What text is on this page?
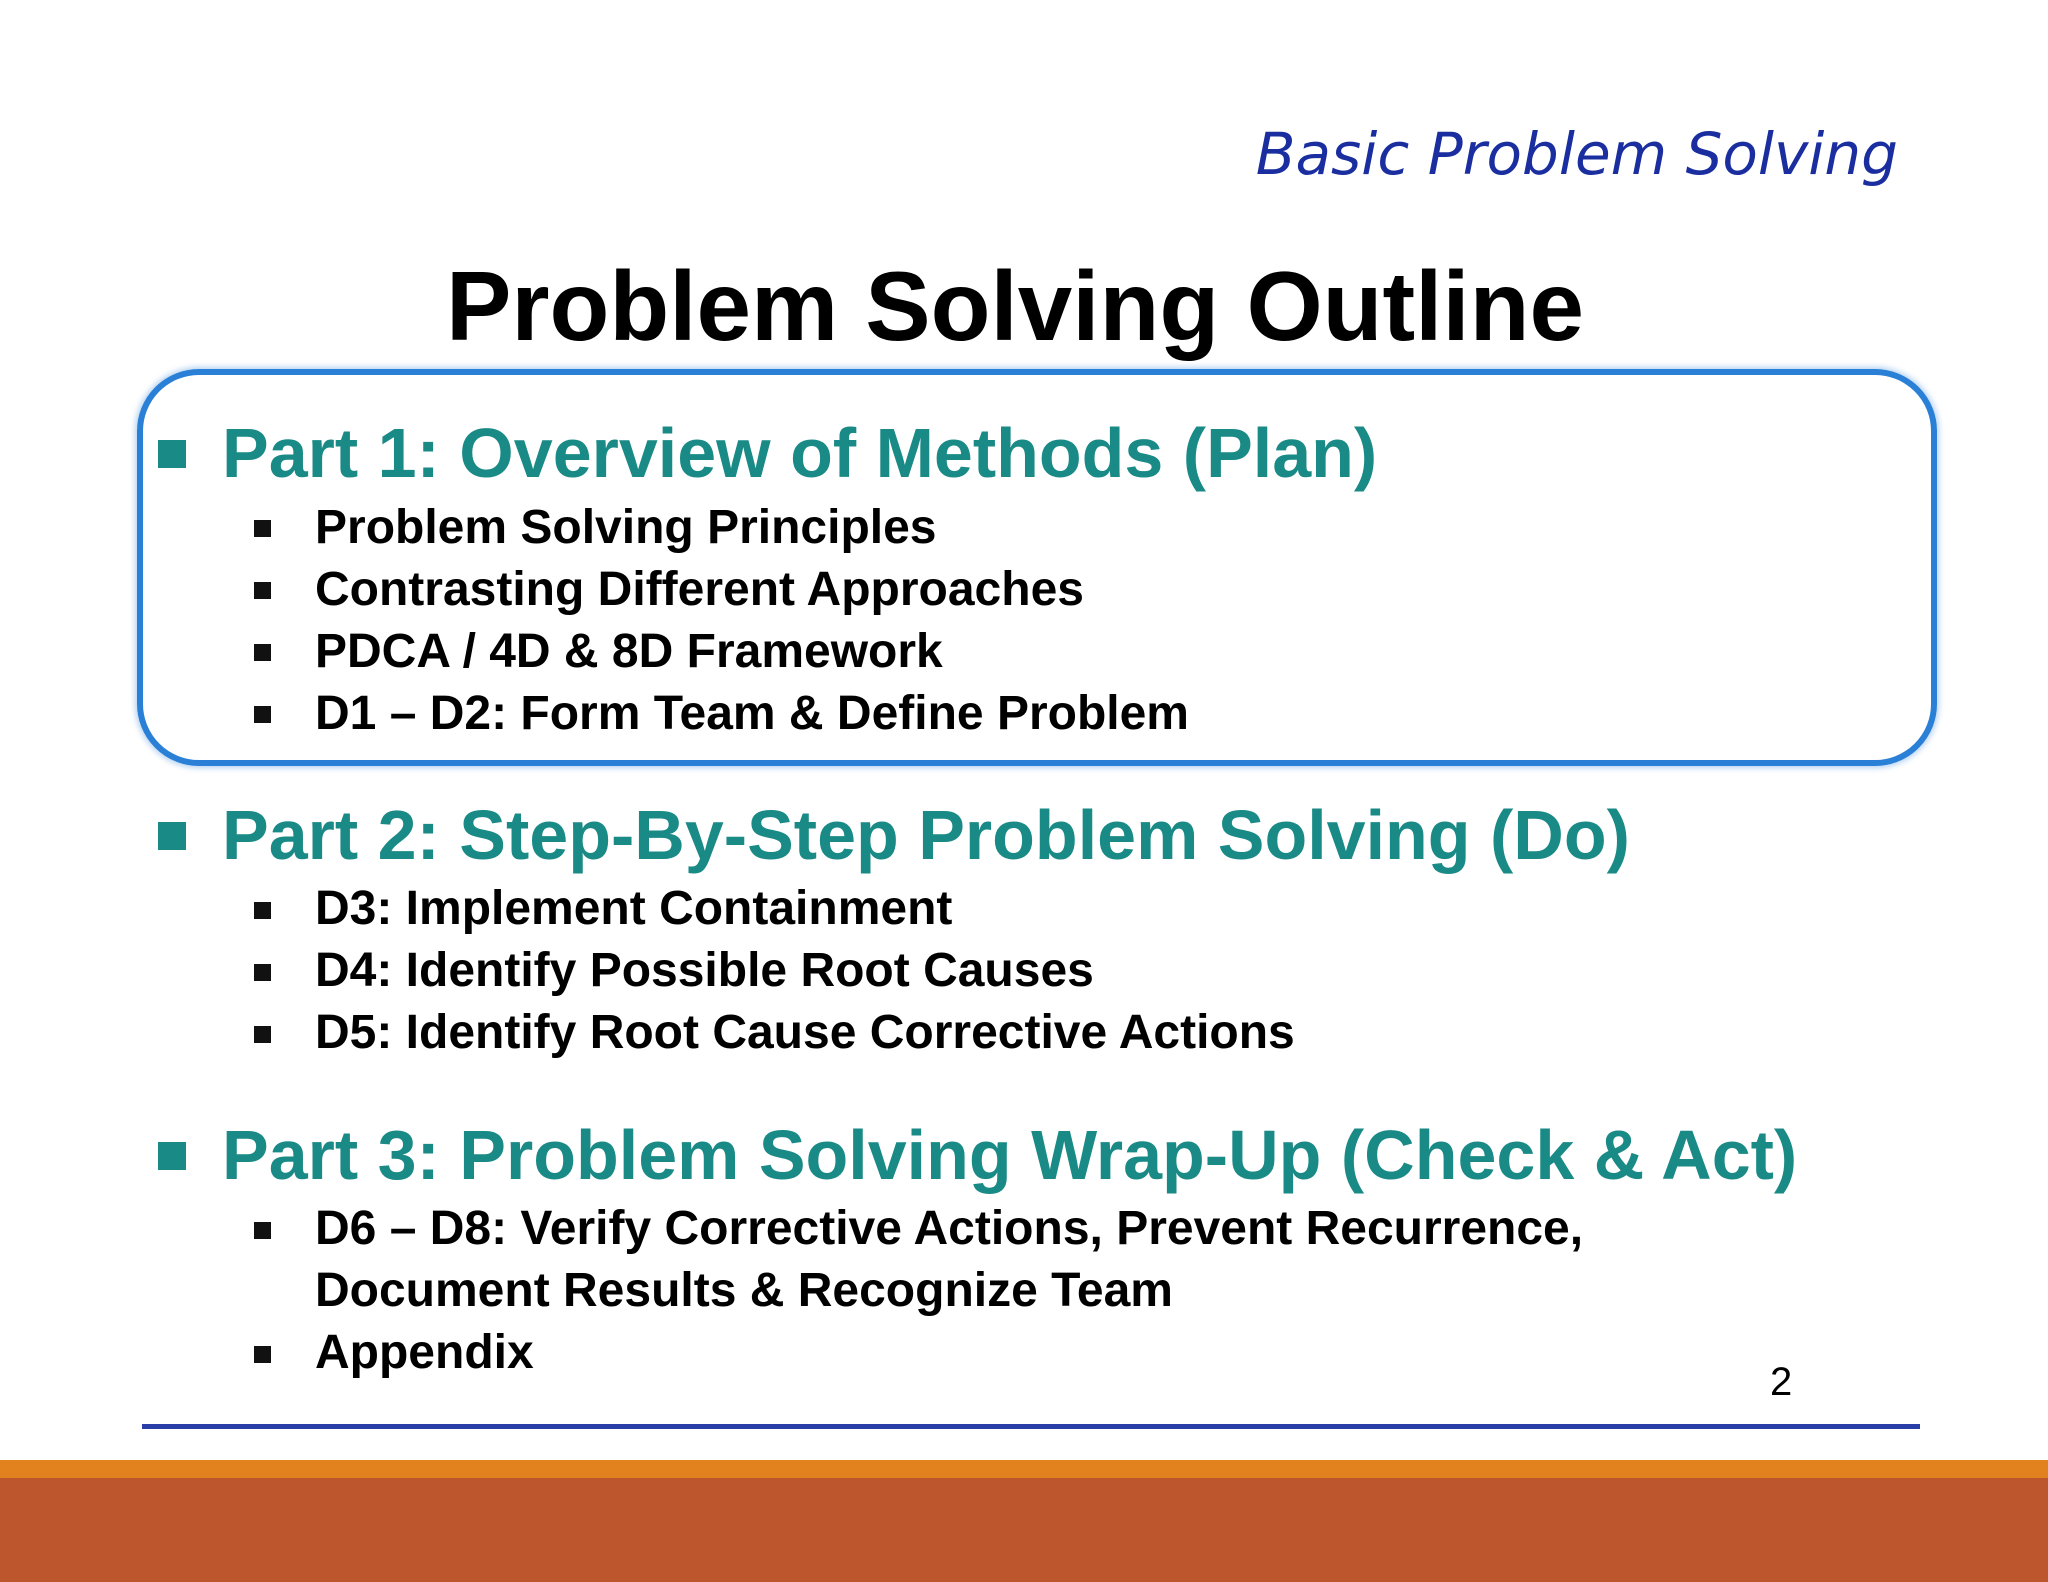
Basic Problem Solving
Problem Solving Outline
Part 1: Overview of Methods (Plan)
Problem Solving Principles
Contrasting Different Approaches
PDCA / 4D & 8D Framework
D1 – D2: Form Team & Define Problem
Part 2: Step-By-Step Problem Solving (Do)
D3: Implement Containment
D4: Identify Possible Root Causes
D5: Identify Root Cause Corrective Actions
Part 3: Problem Solving Wrap-Up (Check & Act)
D6 – D8: Verify Corrective Actions, Prevent Recurrence,
Document Results & Recognize Team
Appendix
2
